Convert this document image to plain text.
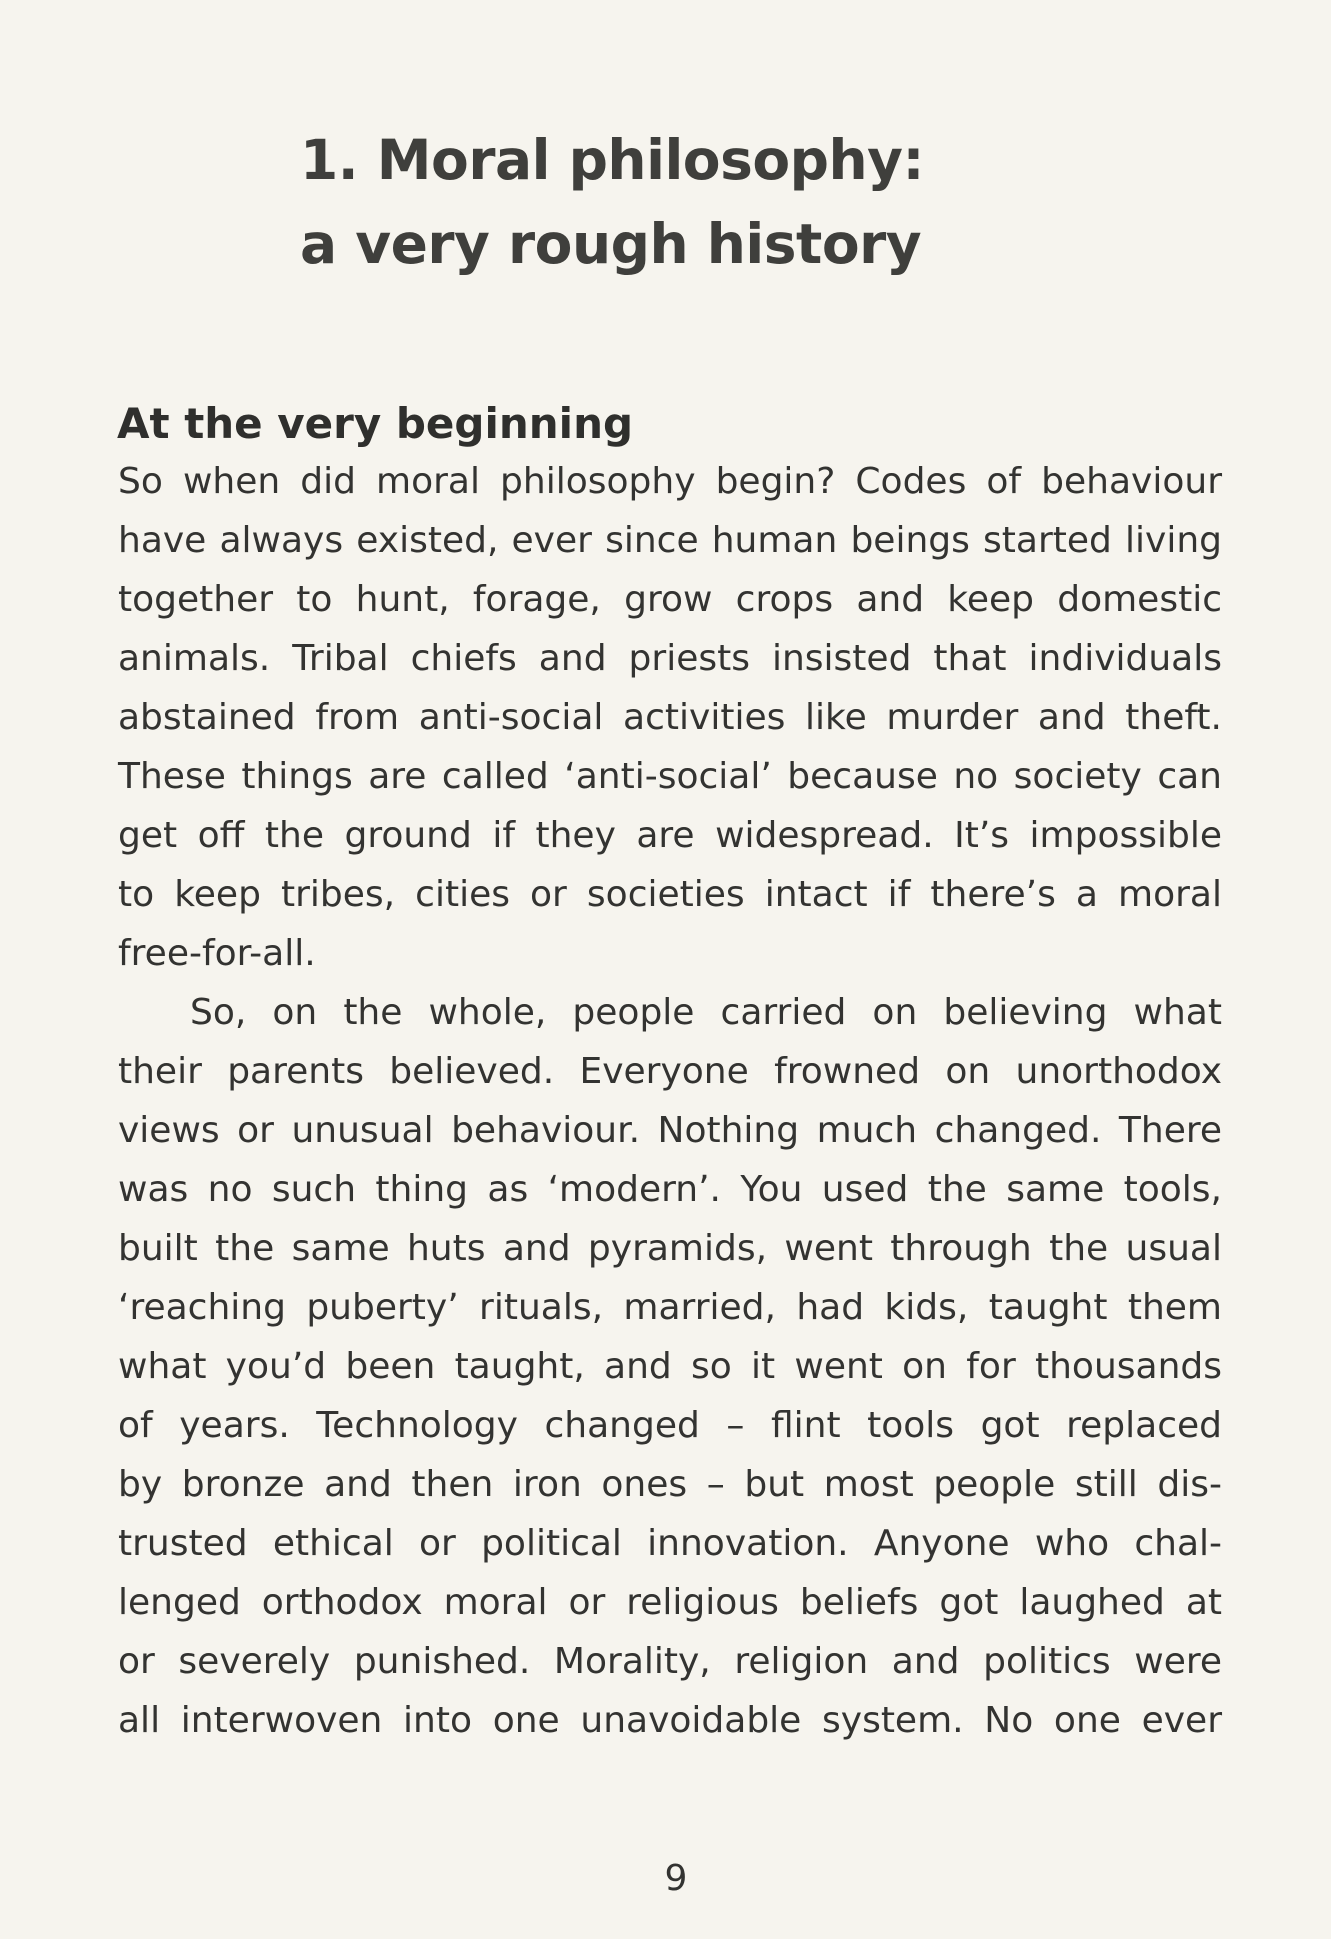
1. Moral philosophy:
a very rough history
At the very beginning
So when did moral philosophy begin? Codes of behaviour
have always existed, ever since human beings started living
together to hunt, forage, grow crops and keep domestic
animals. Tribal chiefs and priests insisted that individuals
abstained from anti-social activities like murder and theft.
These things are called ‘anti-social’ because no society can
get off the ground if they are widespread. It’s impossible
to keep tribes, cities or societies intact if there’s a moral
free-for-all.
So, on the whole, people carried on believing what
their parents believed. Everyone frowned on unorthodox
views or unusual behaviour. Nothing much changed. There
was no such thing as ‘modern’. You used the same tools,
built the same huts and pyramids, went through the usual
‘reaching puberty’ rituals, married, had kids, taught them
what you’d been taught, and so it went on for thousands
of years. Technology changed – flint tools got replaced
by bronze and then iron ones – but most people still dis-
trusted ethical or political innovation. Anyone who chal-
lenged orthodox moral or religious beliefs got laughed at
or severely punished. Morality, religion and politics were
all interwoven into one unavoidable system. No one ever
9
